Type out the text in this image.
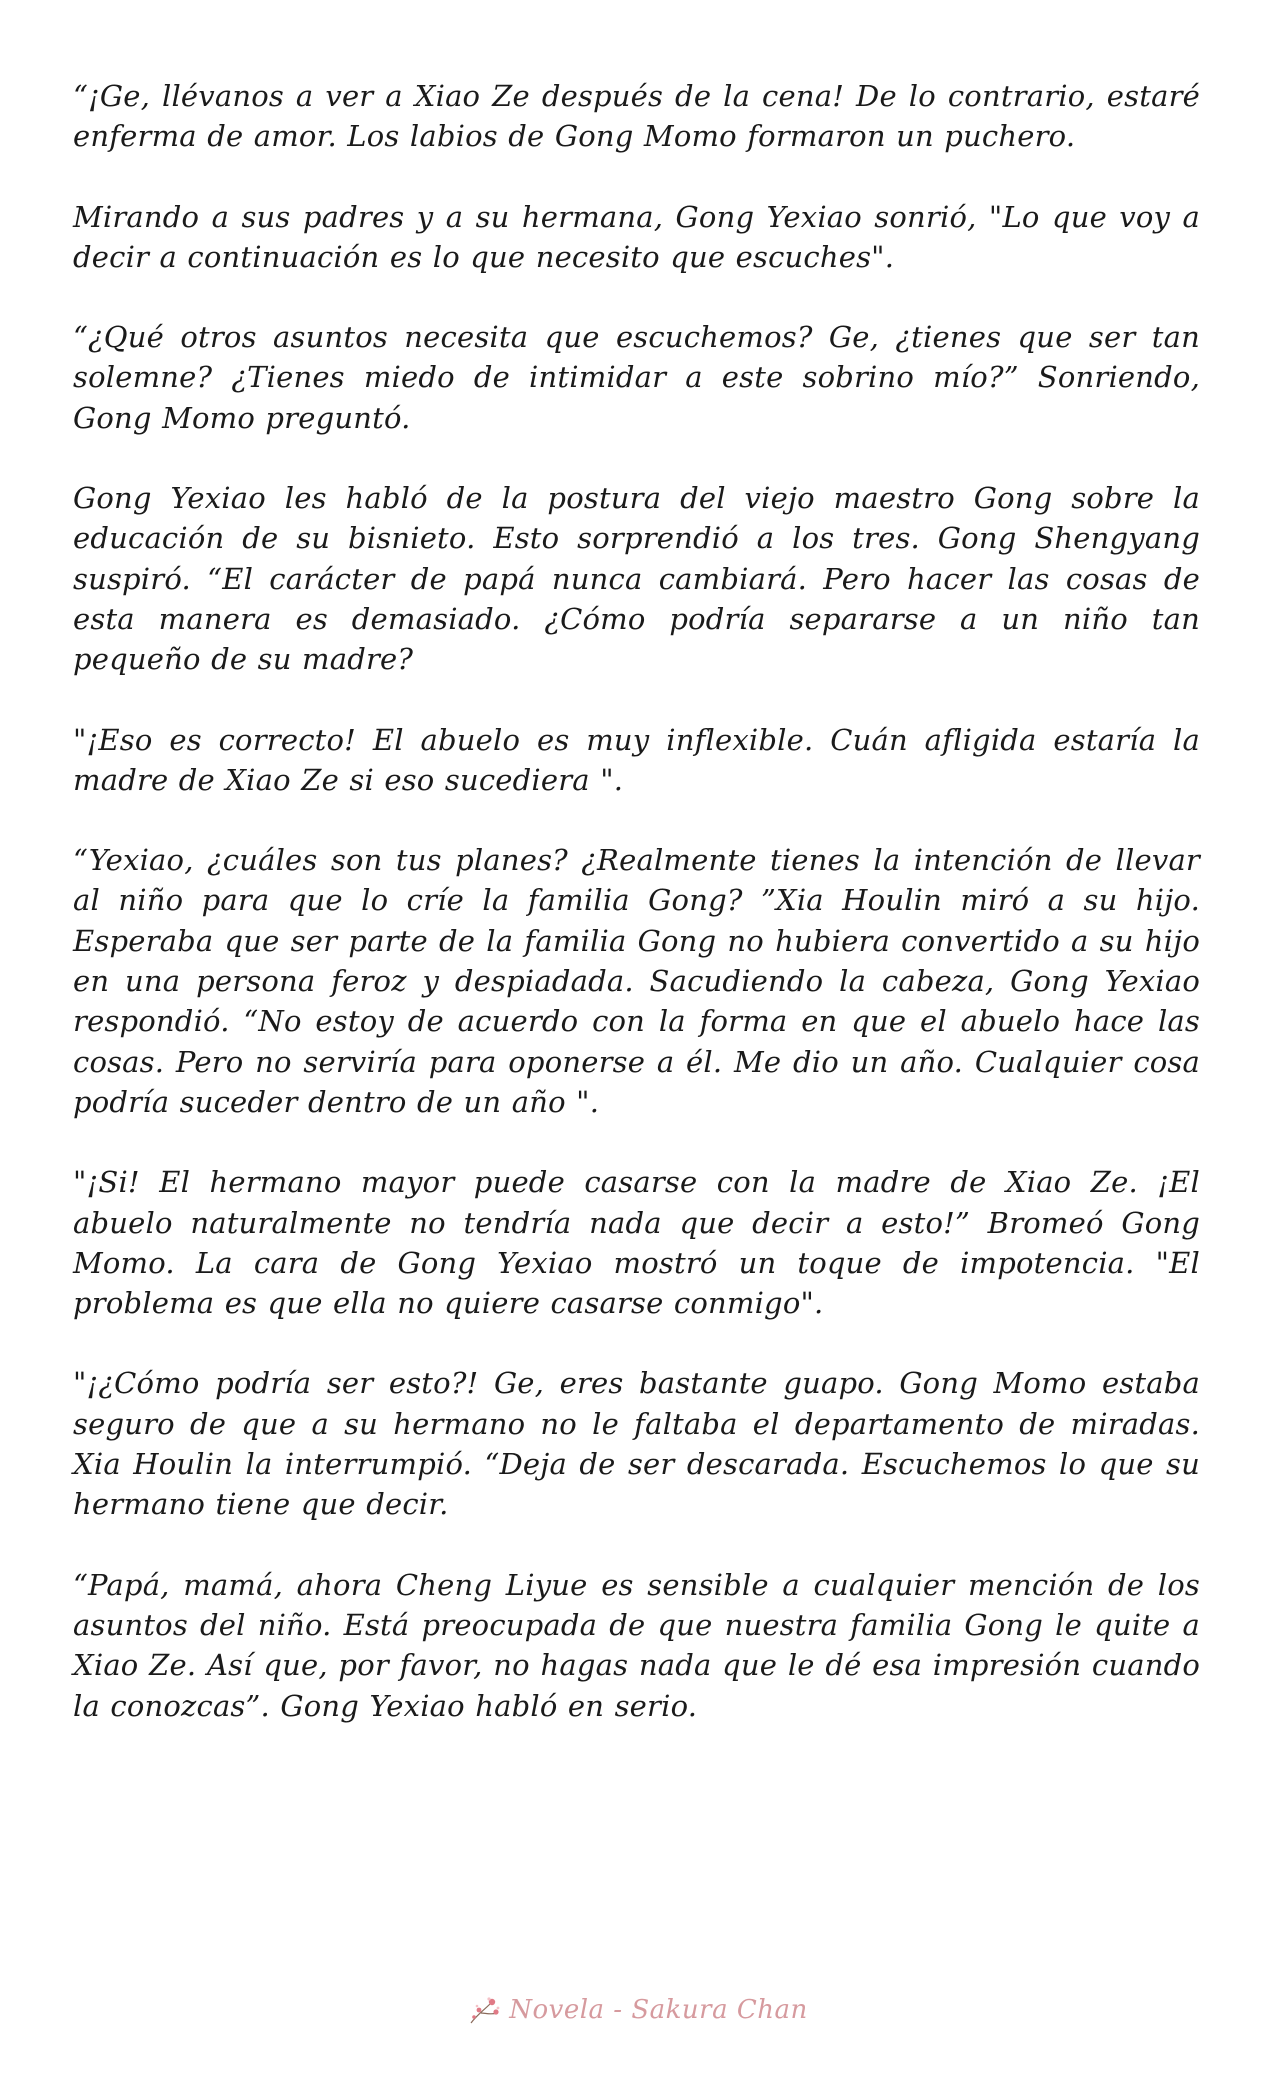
“¡Ge, llévanos a ver a Xiao Ze después de la cena! De lo contrario, estaré enferma de amor. Los labios de Gong Momo formaron un puchero.

Mirando a sus padres y a su hermana, Gong Yexiao sonrió, "Lo que voy a decir a continuación es lo que necesito que escuches".

“¿Qué otros asuntos necesita que escuchemos? Ge, ¿tienes que ser tan solemne? ¿Tienes miedo de intimidar a este sobrino mío?” Sonriendo, Gong Momo preguntó.

Gong Yexiao les habló de la postura del viejo maestro Gong sobre la educación de su bisnieto. Esto sorprendió a los tres. Gong Shengyang suspiró. “El carácter de papá nunca cambiará. Pero hacer las cosas de esta manera es demasiado. ¿Cómo podría separarse a un niño tan pequeño de su madre?

"¡Eso es correcto! El abuelo es muy inflexible. Cuán afligida estaría la madre de Xiao Ze si eso sucediera ".

“Yexiao, ¿cuáles son tus planes? ¿Realmente tienes la intención de llevar al niño para que lo críe la familia Gong? ”Xia Houlin miró a su hijo. Esperaba que ser parte de la familia Gong no hubiera convertido a su hijo en una persona feroz y despiadada. Sacudiendo la cabeza, Gong Yexiao respondió. “No estoy de acuerdo con la forma en que el abuelo hace las cosas. Pero no serviría para oponerse a él. Me dio un año. Cualquier cosa podría suceder dentro de un año ".

"¡Si! El hermano mayor puede casarse con la madre de Xiao Ze. ¡El abuelo naturalmente no tendría nada que decir a esto!” Bromeó Gong Momo. La cara de Gong Yexiao mostró un toque de impotencia. "El problema es que ella no quiere casarse conmigo".

"¡¿Cómo podría ser esto?! Ge, eres bastante guapo. Gong Momo estaba seguro de que a su hermano no le faltaba el departamento de miradas. Xia Houlin la interrumpió. “Deja de ser descarada. Escuchemos lo que su hermano tiene que decir.

“Papá, mamá, ahora Cheng Liyue es sensible a cualquier mención de los asuntos del niño. Está preocupada de que nuestra familia Gong le quite a Xiao Ze. Así que, por favor, no hagas nada que le dé esa impresión cuando la conozcas”. Gong Yexiao habló en serio.

Novela - Sakura Chan
